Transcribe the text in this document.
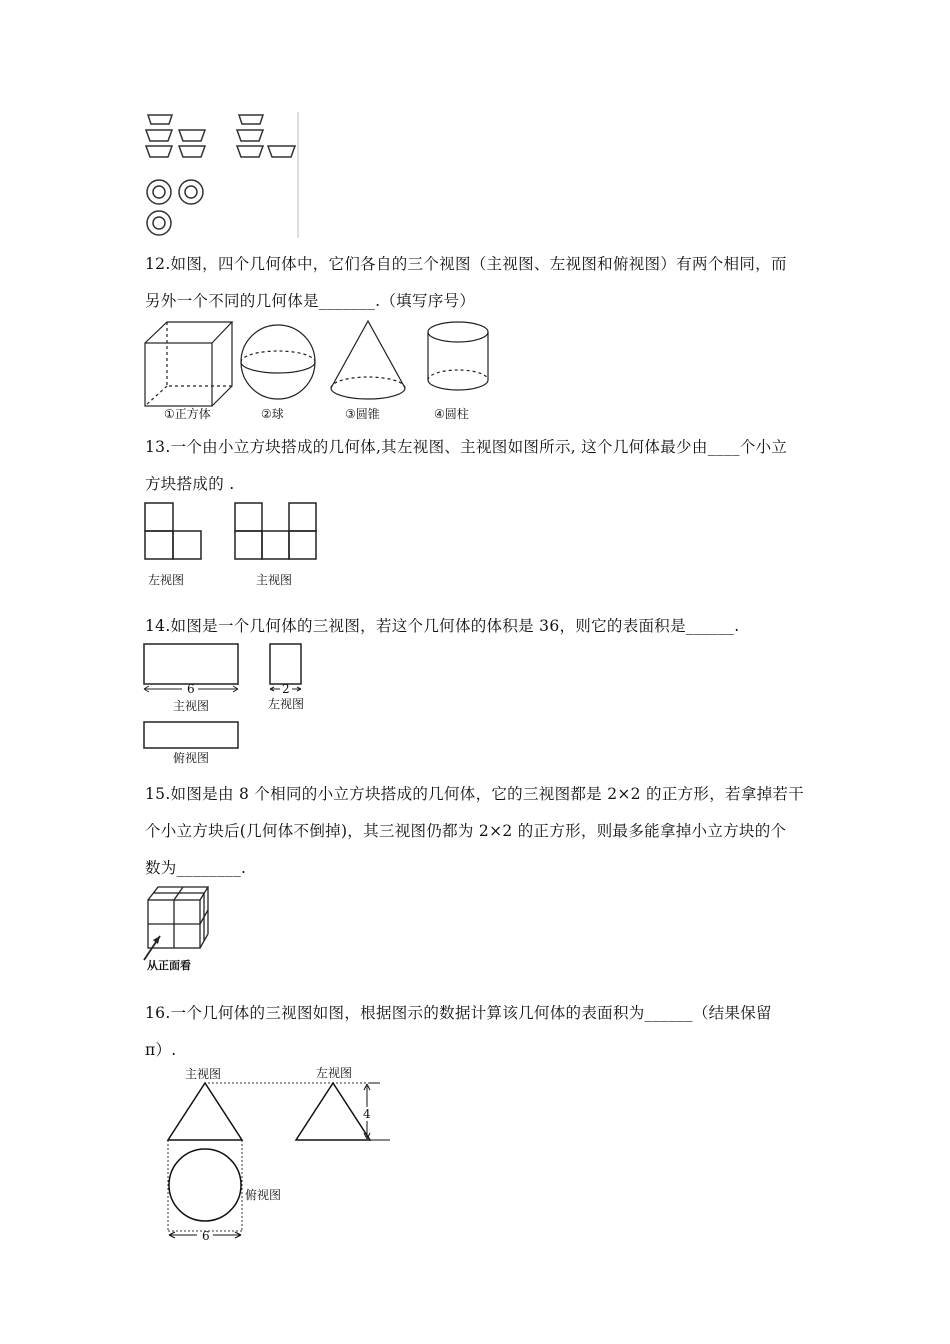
12.如图，四个几何体中，它们各自的三个视图（主视图、左视图和俯视图）有两个相同，而
另外一个不同的几何体是_______.（填写序号）
①正方体	②球	③圆锥	④圆柱
13.一个由小立方块搭成的几何体,其左视图、主视图如图所示, 这个几何体最少由____个小立
方块搭成的 .
左视图	主视图
14.如图是一个几何体的三视图，若这个几何体的体积是 36，则它的表面积是______.
6	2
主视图	左视图
俯视图
15.如图是由 8 个相同的小立方块搭成的几何体，它的三视图都是 2×2 的正方形，若拿掉若干
个小立方块后(几何体不倒掉)，其三视图仍都为 2×2 的正方形，则最多能拿掉小立方块的个
数为________.
从正面看
16.一个几何体的三视图如图，根据图示的数据计算该几何体的表面积为______（结果保留
π）.
主视图	左视图
俯视图
4
6
